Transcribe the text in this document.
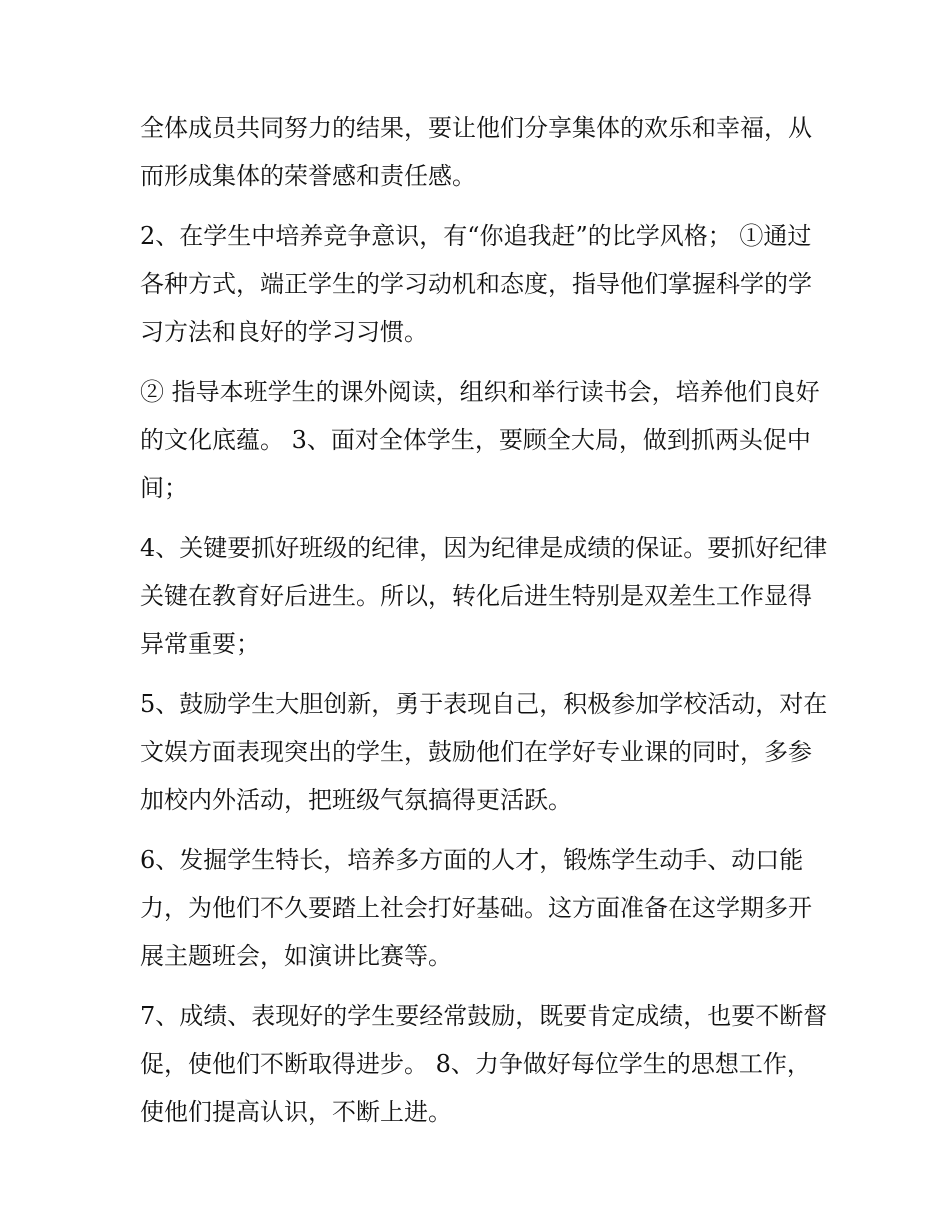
全体成员共同努力的结果，要让他们分享集体的欢乐和幸福，从而形成集体的荣誉感和责任感。

2、在学生中培养竞争意识，有“你追我赶”的比学风格； ①通过各种方式，端正学生的学习动机和态度，指导他们掌握科学的学习方法和良好的学习习惯。

② 指导本班学生的课外阅读，组织和举行读书会，培养他们良好的文化底蕴。 3、面对全体学生，要顾全大局，做到抓两头促中间；

4、关键要抓好班级的纪律，因为纪律是成绩的保证。要抓好纪律关键在教育好后进生。所以，转化后进生特别是双差生工作显得异常重要；

5、鼓励学生大胆创新，勇于表现自己，积极参加学校活动，对在文娱方面表现突出的学生，鼓励他们在学好专业课的同时，多参加校内外活动，把班级气氛搞得更活跃。

6、发掘学生特长，培养多方面的人才，锻炼学生动手、动口能力，为他们不久要踏上社会打好基础。这方面准备在这学期多开展主题班会，如演讲比赛等。

7、成绩、表现好的学生要经常鼓励，既要肯定成绩，也要不断督促，使他们不断取得进步。 8、力争做好每位学生的思想工作，使他们提高认识，不断上进。
